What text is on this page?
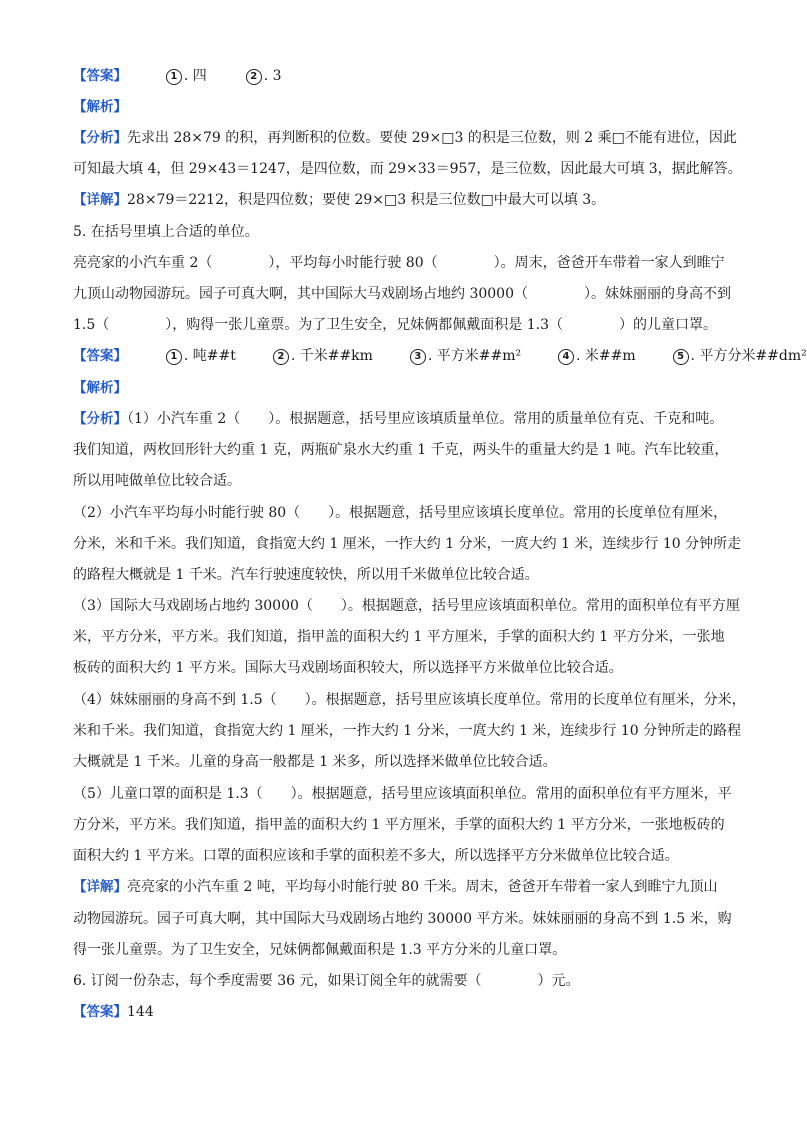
【答案】	1 . 四	2 . 3
【解析】
【分析】先求出 28×79 的积，再判断积的位数。要使 29×□3 的积是三位数，则 2 乘□不能有进位，因此
可知最大填 4，但 29×43＝1247，是四位数，而 29×33＝957，是三位数，因此最大可填 3，据此解答。
【详解】28×79＝2212，积是四位数；要使 29×□3 积是三位数□中最大可以填 3。
5. 在括号里填上合适的单位。
亮亮家的小汽车重 2（　　　　），平均每小时能行驶 80（　　　　）。周末，爸爸开车带着一家人到睢宁
九顶山动物园游玩。园子可真大啊，其中国际大马戏剧场占地约 30000（　　　　）。妹妹丽丽的身高不到
1.5（　　　　），购得一张儿童票。为了卫生安全，兄妹俩都佩戴面积是 1.3（　　　　）的儿童口罩。
【答案】	1 . 吨##t	2 . 千米##km	3 . 平方米##m²	4 . 米##m	5 . 平方分米##dm²
【解析】
【分析】（1）小汽车重 2（　　）。根据题意，括号里应该填质量单位。常用的质量单位有克、千克和吨。
我们知道，两枚回形针大约重 1 克，两瓶矿泉水大约重 1 千克，两头牛的重量大约是 1 吨。汽车比较重，
所以用吨做单位比较合适。
（2）小汽车平均每小时能行驶 80（　　）。根据题意，括号里应该填长度单位。常用的长度单位有厘米，
分米，米和千米。我们知道，食指宽大约 1 厘米，一拃大约 1 分米，一庹大约 1 米，连续步行 10 分钟所走
的路程大概就是 1 千米。汽车行驶速度较快，所以用千米做单位比较合适。
（3）国际大马戏剧场占地约 30000（　　）。根据题意，括号里应该填面积单位。常用的面积单位有平方厘
米，平方分米，平方米。我们知道，指甲盖的面积大约 1 平方厘米，手掌的面积大约 1 平方分米，一张地
板砖的面积大约 1 平方米。国际大马戏剧场面积较大，所以选择平方米做单位比较合适。
（4）妹妹丽丽的身高不到 1.5（　　）。根据题意，括号里应该填长度单位。常用的长度单位有厘米，分米，
米和千米。我们知道，食指宽大约 1 厘米，一拃大约 1 分米，一庹大约 1 米，连续步行 10 分钟所走的路程
大概就是 1 千米。儿童的身高一般都是 1 米多，所以选择米做单位比较合适。
（5）儿童口罩的面积是 1.3（　　）。根据题意，括号里应该填面积单位。常用的面积单位有平方厘米，平
方分米，平方米。我们知道，指甲盖的面积大约 1 平方厘米，手掌的面积大约 1 平方分米，一张地板砖的
面积大约 1 平方米。口罩的面积应该和手掌的面积差不多大，所以选择平方分米做单位比较合适。
【详解】亮亮家的小汽车重 2 吨，平均每小时能行驶 80 千米。周末，爸爸开车带着一家人到睢宁九顶山
动物园游玩。园子可真大啊，其中国际大马戏剧场占地约 30000 平方米。妹妹丽丽的身高不到 1.5 米，购
得一张儿童票。为了卫生安全，兄妹俩都佩戴面积是 1.3 平方分米的儿童口罩。
6. 订阅一份杂志，每个季度需要 36 元，如果订阅全年的就需要（　　　　）元。
【答案】144
